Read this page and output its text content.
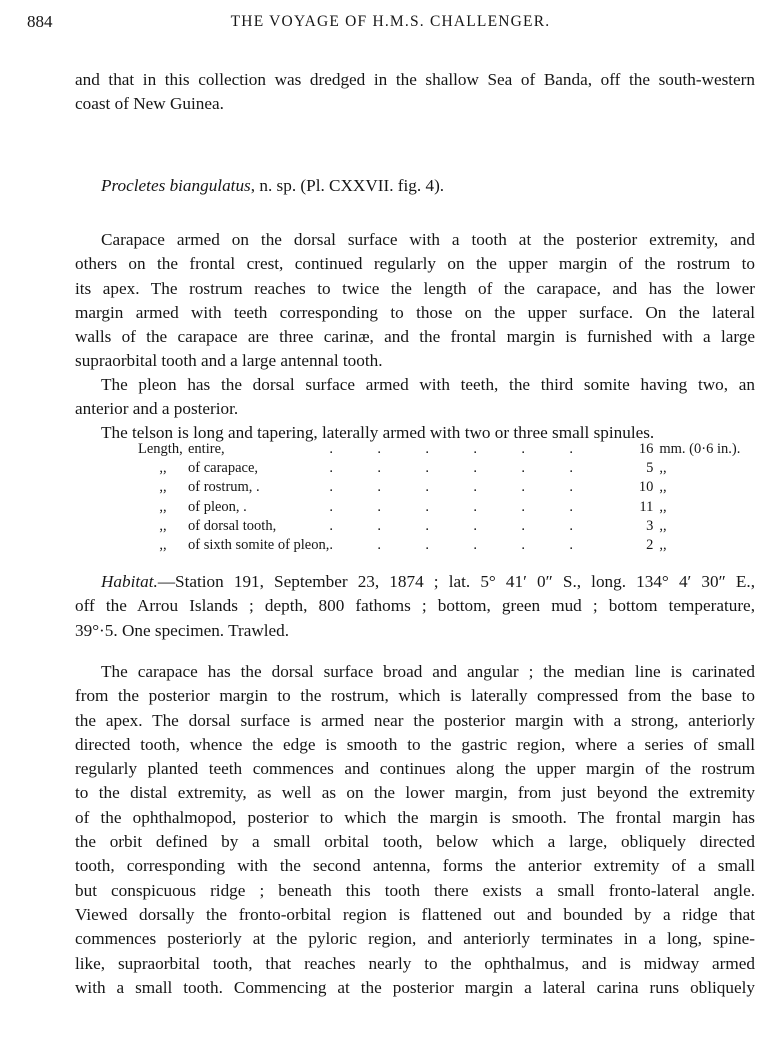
884	THE VOYAGE OF H.M.S. CHALLENGER.
and that in this collection was dredged in the shallow Sea of Banda, off the south-western
coast of New Guinea.
Procletes biangulatus, n. sp. (Pl. CXXVII. fig. 4).
Carapace armed on the dorsal surface with a tooth at the posterior extremity, and
others on the frontal crest, continued regularly on the upper margin of the rostrum to
its apex. The rostrum reaches to twice the length of the carapace, and has the lower
margin armed with teeth corresponding to those on the upper surface. On the lateral
walls of the carapace are three carinæ, and the frontal margin is furnished with a large
supraorbital tooth and a large antennal tooth.
The pleon has the dorsal surface armed with teeth, the third somite having two, an
anterior and a posterior.
The telson is long and tapering, laterally armed with two or three small spinules.
Length,	entire,	. . . . . .	16	mm. (0·6 in.).
,,	of carapace,	. . . . . .	5	,,
,,	of rostrum, .	. . . . . .	10	,,
,,	of pleon, .	. . . . . .	11	,,
,,	of dorsal tooth,	. . . . . .	3	,,
,,	of sixth somite of pleon,	. . . . . .	2	,,
Habitat.—Station 191, September 23, 1874 ; lat. 5° 41′ 0″ S., long. 134° 4′ 30″ E.,
off the Arrou Islands ; depth, 800 fathoms ; bottom, green mud ; bottom temperature,
39°·5. One specimen. Trawled.
The carapace has the dorsal surface broad and angular ; the median line is carinated
from the posterior margin to the rostrum, which is laterally compressed from the base to
the apex. The dorsal surface is armed near the posterior margin with a strong, anteriorly
directed tooth, whence the edge is smooth to the gastric region, where a series of small
regularly planted teeth commences and continues along the upper margin of the rostrum
to the distal extremity, as well as on the lower margin, from just beyond the extremity
of the ophthalmopod, posterior to which the margin is smooth. The frontal margin has
the orbit defined by a small orbital tooth, below which a large, obliquely directed
tooth, corresponding with the second antenna, forms the anterior extremity of a small
but conspicuous ridge ; beneath this tooth there exists a small fronto-lateral angle.
Viewed dorsally the fronto-orbital region is flattened out and bounded by a ridge that
commences posteriorly at the pyloric region, and anteriorly terminates in a long, spine-
like, supraorbital tooth, that reaches nearly to the ophthalmus, and is midway armed
with a small tooth. Commencing at the posterior margin a lateral carina runs obliquely
